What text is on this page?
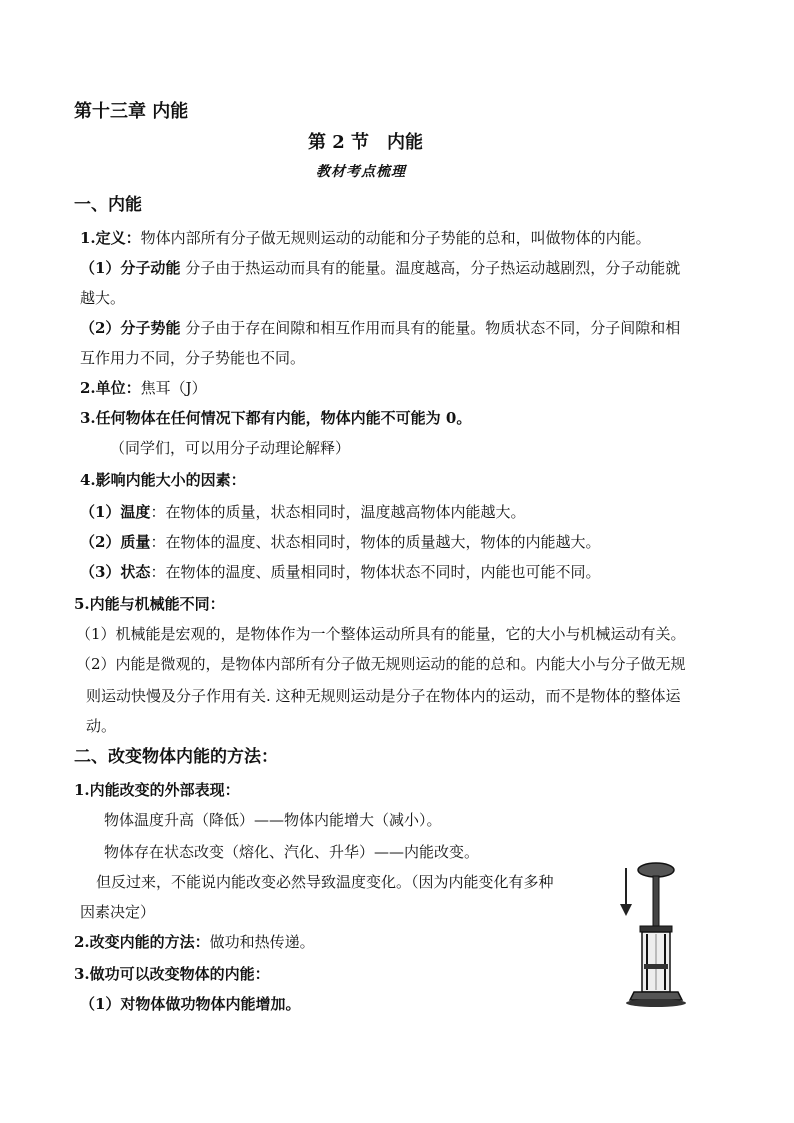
第十三章 内能
第 2 节　内能
教材考点梳理
一、内能
1.定义：物体内部所有分子做无规则运动的动能和分子势能的总和，叫做物体的内能。
（1）分子动能 分子由于热运动而具有的能量。温度越高，分子热运动越剧烈，分子动能就
越大。
（2）分子势能 分子由于存在间隙和相互作用而具有的能量。物质状态不同，分子间隙和相
互作用力不同，分子势能也不同。
2.单位：焦耳（J）
3.任何物体在任何情况下都有内能，物体内能不可能为 0。
（同学们，可以用分子动理论解释）
4.影响内能大小的因素：
（1）温度：在物体的质量，状态相同时，温度越高物体内能越大。
（2）质量：在物体的温度、状态相同时，物体的质量越大，物体的内能越大。
（3）状态：在物体的温度、质量相同时，物体状态不同时，内能也可能不同。
5.内能与机械能不同：
（1）机械能是宏观的，是物体作为一个整体运动所具有的能量，它的大小与机械运动有关。
（2）内能是微观的，是物体内部所有分子做无规则运动的能的总和。内能大小与分子做无规
则运动快慢及分子作用有关. 这种无规则运动是分子在物体内的运动，而不是物体的整体运
动。
二、改变物体内能的方法：
1.内能改变的外部表现：
物体温度升高（降低）——物体内能增大（减小）。
物体存在状态改变（熔化、汽化、升华）——内能改变。
但反过来，不能说内能改变必然导致温度变化。（因为内能变化有多种
因素决定）
2.改变内能的方法：做功和热传递。
3.做功可以改变物体的内能：
（1）对物体做功物体内能增加。
